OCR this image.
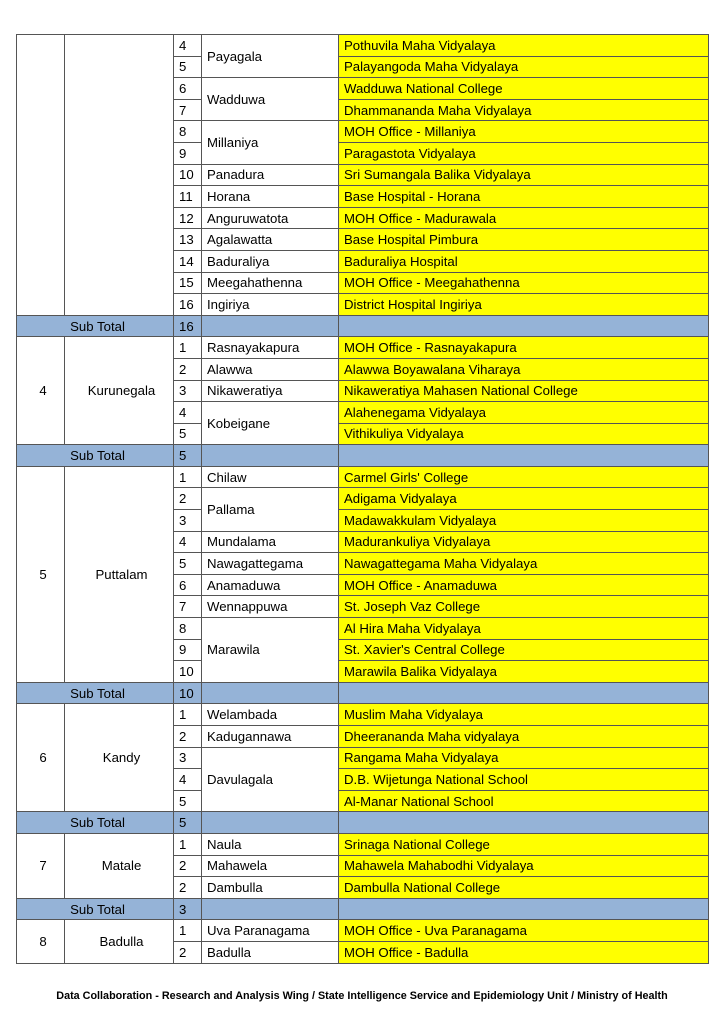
		4	Payagala	Pothuvila Maha Vidyalaya
		5		Palayangoda Maha Vidyalaya
		6	Wadduwa	Wadduwa National College
		7		Dhammananda Maha Vidyalaya
		8	Millaniya	MOH Office - Millaniya
		9		Paragastota Vidyalaya
		10	Panadura	Sri Sumangala Balika Vidyalaya
		11	Horana	Base Hospital - Horana
		12	Anguruwatota	MOH Office - Madurawala
		13	Agalawatta	Base Hospital Pimbura
		14	Baduraliya	Baduraliya Hospital
		15	Meegahathenna	MOH Office - Meegahathenna
		16	Ingiriya	District Hospital Ingiriya
Sub Total		16		
4	Kurunegala	1	Rasnayakapura	MOH Office - Rasnayakapura
		2	Alawwa	Alawwa Boyawalana Viharaya
		3	Nikaweratiya	Nikaweratiya Mahasen National College
		4	Kobeigane	Alahenegama Vidyalaya
		5		Vithikuliya Vidyalaya
Sub Total		5		
5	Puttalam	1	Chilaw	Carmel Girls' College
		2	Pallama	Adigama Vidyalaya
		3		Madawakkulam Vidyalaya
		4	Mundalama	Madurankuliya Vidyalaya
		5	Nawagattegama	Nawagattegama Maha Vidyalaya
		6	Anamaduwa	MOH Office - Anamaduwa
		7	Wennappuwa	St. Joseph Vaz College
		8	Marawila	Al Hira Maha Vidyalaya
		9		St. Xavier's Central College
		10		Marawila Balika Vidyalaya
Sub Total		10		
6	Kandy	1	Welambada	Muslim Maha Vidyalaya
		2	Kadugannawa	Dheerananda Maha vidyalaya
		3	Davulagala	Rangama Maha Vidyalaya
		4		D.B. Wijetunga National School
		5		Al-Manar National School
Sub Total		5		
7	Matale	1	Naula	Srinaga National College
		2	Mahawela	Mahawela Mahabodhi Vidyalaya
		2	Dambulla	Dambulla National College
Sub Total		3		
8	Badulla	1	Uva Paranagama	MOH Office - Uva Paranagama
		2	Badulla	MOH Office - Badulla
Data Collaboration - Research and Analysis Wing / State Intelligence Service and Epidemiology Unit / Ministry of Health
